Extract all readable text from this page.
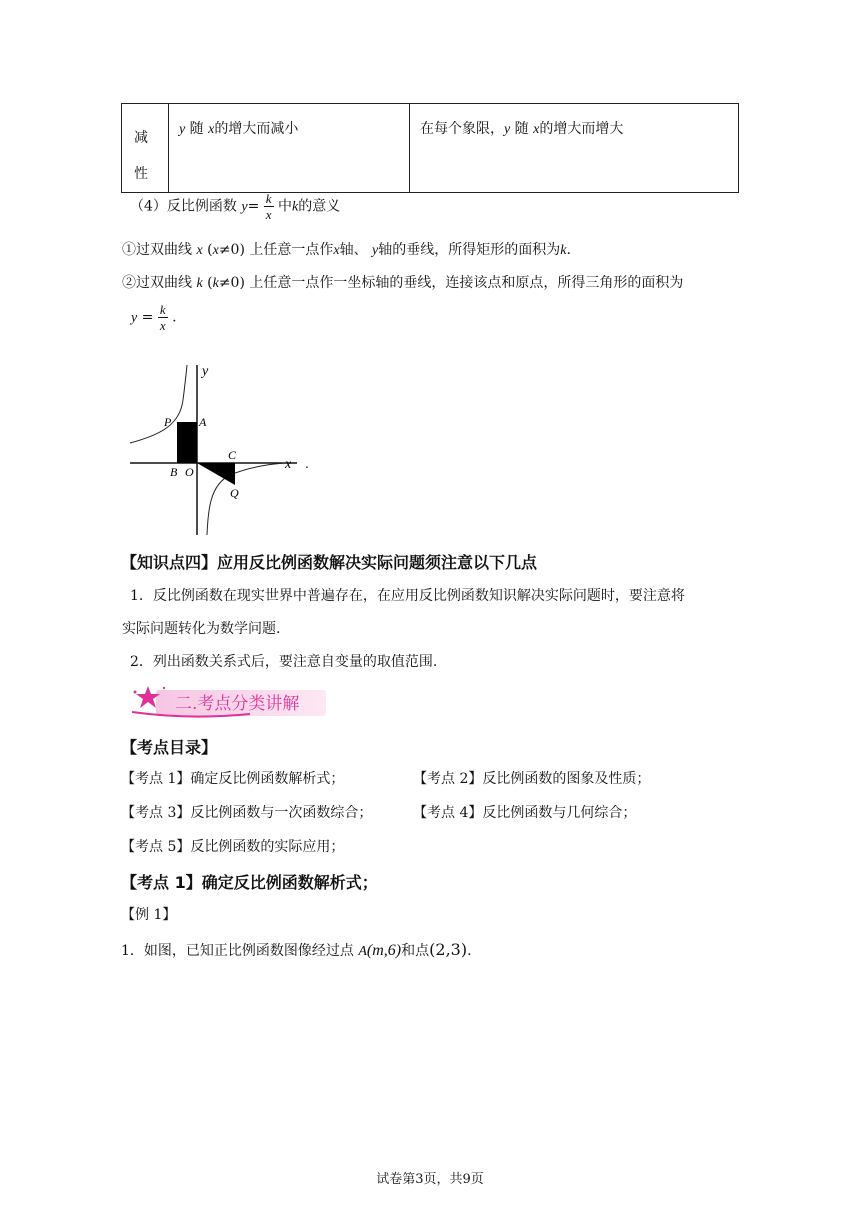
减性

y 随 x的增大而减小	在每个象限，y 随 x的增大而增大
（4）反比例函数 $y= \frac{k}{x}$ 中k的意义
①过双曲线 x (x≠0) 上任意一点作x轴、 y轴的垂线，所得矩形的面积为k.
②过双曲线 k (k≠0) 上任意一点作一坐标轴的垂线，连接该点和原点，所得三角形的面积为
$y = \frac{k}{x}$ .
y
x
P A
B O
C
Q
.
【知识点四】应用反比例函数解决实际问题须注意以下几点
1．反比例函数在现实世界中普遍存在，在应用反比例函数知识解决实际问题时，要注意将
实际问题转化为数学问题.
2．列出函数关系式后，要注意自变量的取值范围.
二.考点分类讲解
【考点目录】
【考点 1】确定反比例函数解析式；	【考点 2】反比例函数的图象及性质；
【考点 3】反比例函数与一次函数综合；	【考点 4】反比例函数与几何综合；
【考点 5】反比例函数的实际应用；
【考点 1】确定反比例函数解析式；
【例 1】
1．如图，已知正比例函数图像经过点 A(m,6)和点(2,3).
试卷第3页，共9页
